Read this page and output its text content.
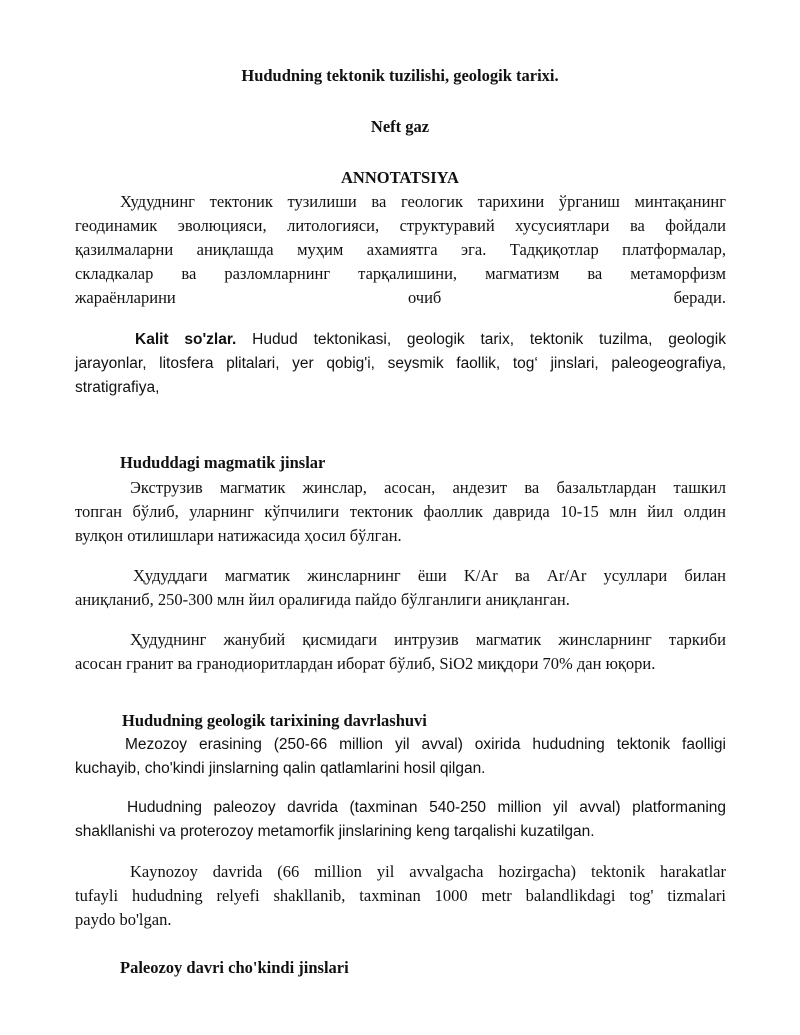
Hududning tektonik tuzilishi, geologik tarixi.
Neft gaz
ANNOTATSIYA
Худуднинг тектоник тузилиши ва геологик тарихини ўрганиш минтақанинг
геодинамик эволюцияси, литологияси, структуравий хусусиятлари ва фойдали
қазилмаларни аниқлашда муҳим ахамиятга эга. Тадқиқотлар платформалар,
складкалар ва разломларнинг тарқалишини, магматизм ва метаморфизм
жараёнларини очиб беради.
Kalit so'zlar. Hudud tektonikasi, geologik tarix, tektonik tuzilma, geologik
jarayonlar, litosfera plitalari, yer qobig'i, seysmik faollik, tog‘ jinslari, paleogeografiya,
stratigrafiya,
Hududdagi magmatik jinslar
Экструзив магматик жинслар, асосан, андезит ва базальтлардан ташкил
топган бўлиб, уларнинг кўпчилиги тектоник фаоллик даврида 10-15 млн йил олдин
вулқон отилишлари натижасида ҳосил бўлган.
Ҳудуддаги магматик жинсларнинг ёши K/Ar ва Ar/Ar усуллари билан
аниқланиб, 250-300 млн йил оралиғида пайдо бўлганлиги аниқланган.
Ҳудуднинг жанубий қисмидаги интрузив магматик жинсларнинг таркиби
асосан гранит ва гранодиоритлардан иборат бўлиб, SiO2 миқдори 70% дан юқори.
Hududning geologik tarixining davrlashuvi
Mezozoy erasining (250-66 million yil avval) oxirida hududning tektonik faolligi
kuchayib, cho'kindi jinslarning qalin qatlamlarini hosil qilgan.
Hududning paleozoy davrida (taxminan 540-250 million yil avval) platformaning
shakllanishi va proterozoy metamorfik jinslarining keng tarqalishi kuzatilgan.
Kaynozoy davrida (66 million yil avvalgacha hozirgacha) tektonik harakatlar
tufayli hududning relyefi shakllanib, taxminan 1000 metr balandlikdagi tog' tizmalari
paydo bo'lgan.
Paleozoy davri cho'kindi jinslari
